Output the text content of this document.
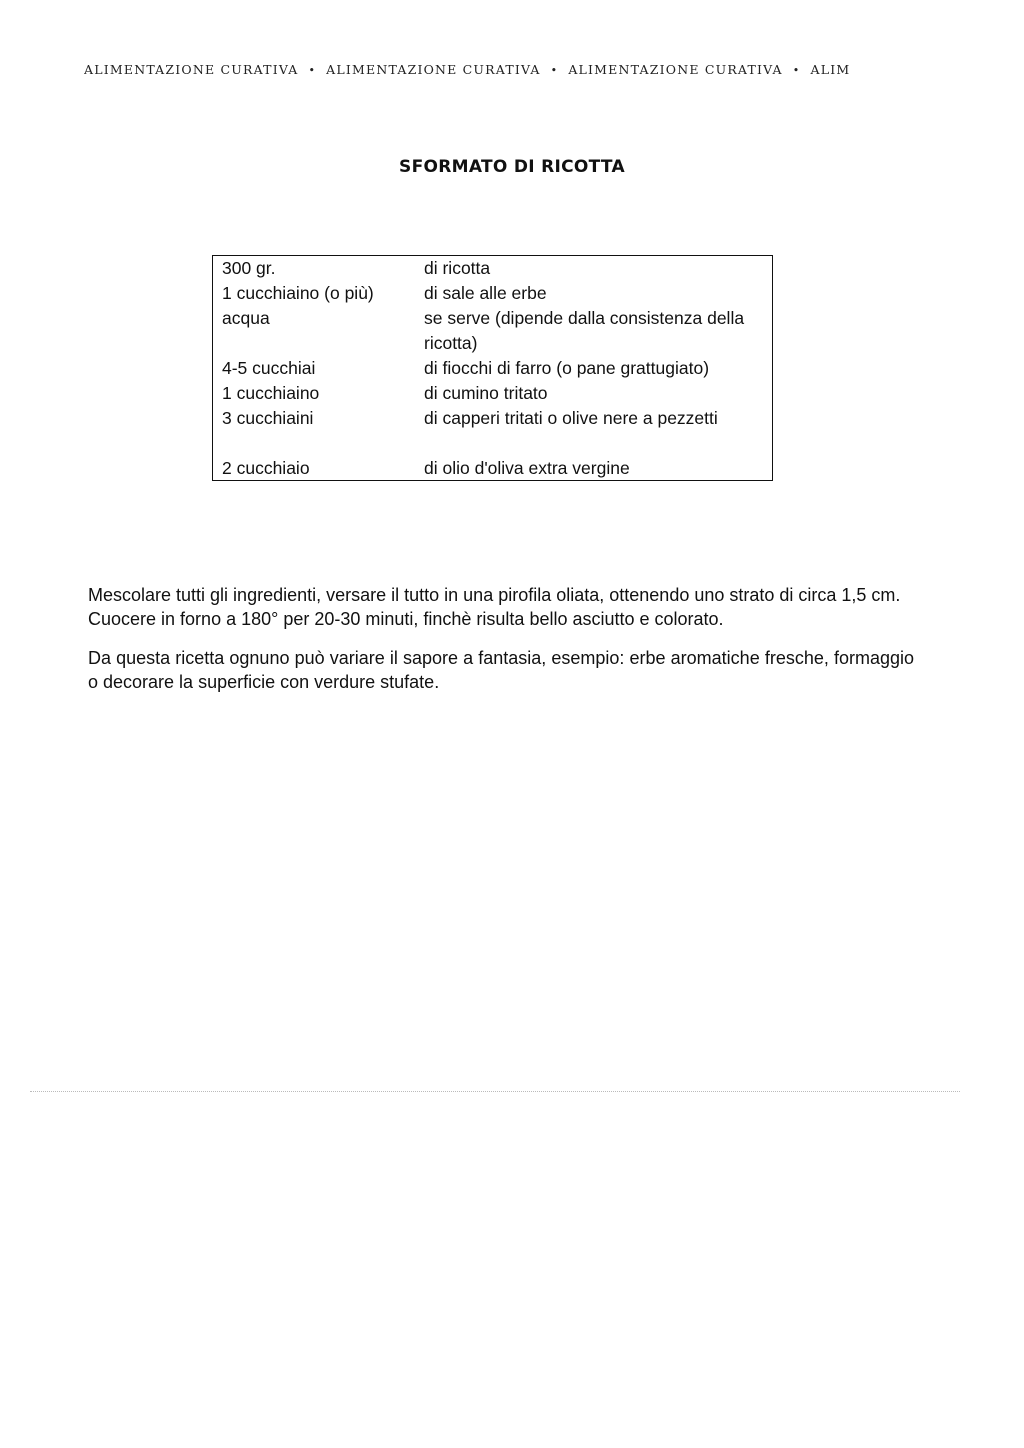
ALIMENTAZIONE CURATIVA • ALIMENTAZIONE CURATIVA • ALIMENTAZIONE CURATIVA • ALIM
SFORMATO DI RICOTTA
300 gr.	di ricotta
1 cucchiaino (o più)	di sale alle erbe
acqua	se serve (dipende dalla consistenza della ricotta)
4-5 cucchiai	di fiocchi di farro (o pane grattugiato)
1 cucchiaino	di cumino tritato
3 cucchiaini	di capperi tritati o olive nere a pezzetti
2 cucchiaio	di olio d'oliva extra vergine

Mescolare tutti gli ingredienti, versare il tutto in una pirofila oliata, ottenendo uno strato di circa 1,5 cm.

Cuocere in forno a 180° per 20-30 minuti, finchè risulta bello asciutto e colorato.

Da questa ricetta ognuno può variare il sapore a fantasia, esempio: erbe aromatiche fresche, formaggio o decorare la superficie con verdure stufate.
